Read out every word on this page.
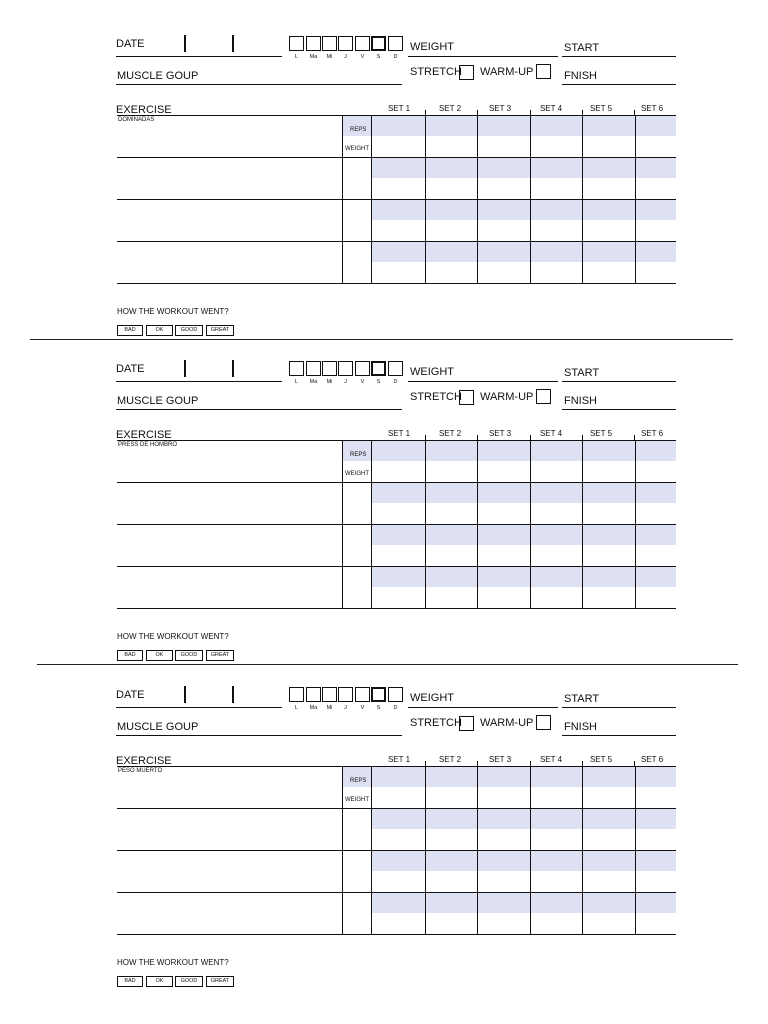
DATE
L	Ma	Mi	J	V	S	D
WEIGHT	START
MUSCLE GOUP	STRETCH WARM-UP	FNISH
EXERCISE	SET 1	SET 2	SET 3	SET 4	SET 5	SET 6
DOMINADAS
REPS
WEIGHT
HOW THE WORKOUT WENT?
BAD	OK	GOOD	GREAT
DATE
L	Ma	Mi	J	V	S	D
WEIGHT	START
MUSCLE GOUP	STRETCH WARM-UP	FNISH
EXERCISE	SET 1	SET 2	SET 3	SET 4	SET 5	SET 6
PRESS DE HOMBRO
REPS
WEIGHT
HOW THE WORKOUT WENT?
BAD	OK	GOOD	GREAT
DATE
L	Ma	Mi	J	V	S	D
WEIGHT	START
MUSCLE GOUP	STRETCH WARM-UP	FNISH
EXERCISE	SET 1	SET 2	SET 3	SET 4	SET 5	SET 6
PESO MUERTO
REPS
WEIGHT
HOW THE WORKOUT WENT?
BAD	OK	GOOD	GREAT
